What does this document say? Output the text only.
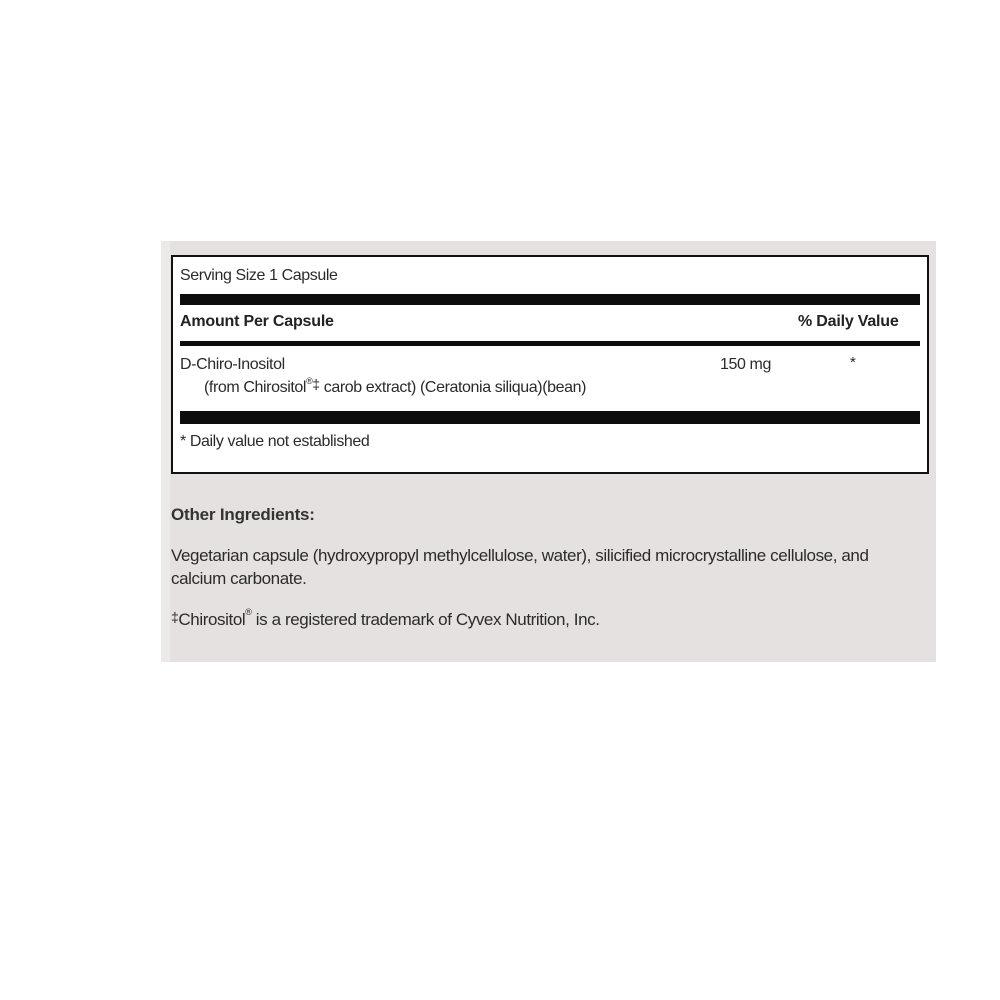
Serving Size 1 Capsule
Amount Per Capsule	% Daily Value
D-Chiro-Inositol
(from Chirositol®‡ carob extract) (Ceratonia siliqua)(bean)
150 mg	*
* Daily value not established
Other Ingredients:
Vegetarian capsule (hydroxypropyl methylcellulose, water), silicified microcrystalline cellulose, and
calcium carbonate.
‡Chirositol® is a registered trademark of Cyvex Nutrition, Inc.
